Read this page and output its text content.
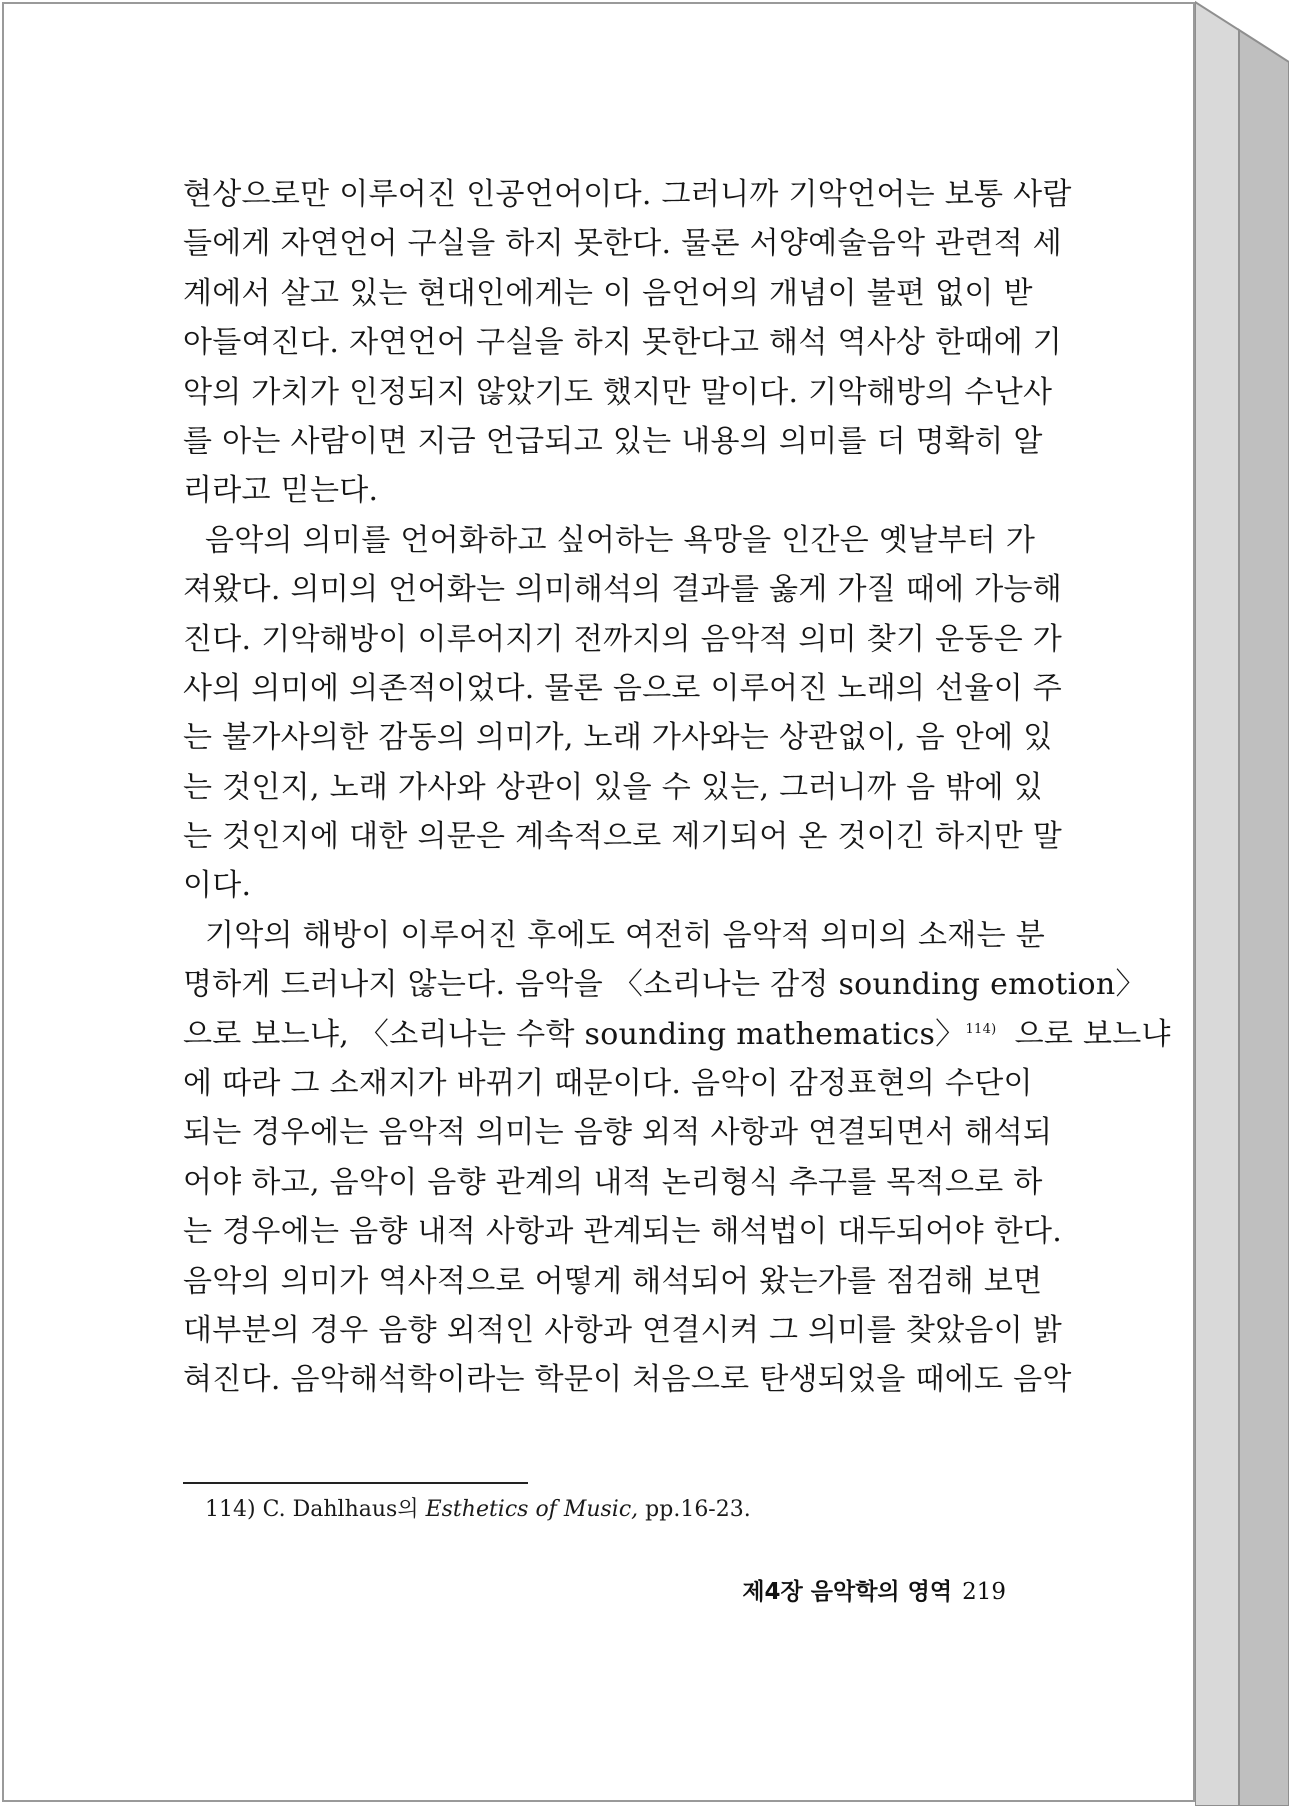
현상으로만 이루어진 인공언어이다. 그러니까 기악언어는 보통 사람
들에게 자연언어 구실을 하지 못한다. 물론 서양예술음악 관련적 세
계에서 살고 있는 현대인에게는 이 음언어의 개념이 불편 없이 받
아들여진다. 자연언어 구실을 하지 못한다고 해석 역사상 한때에 기
악의 가치가 인정되지 않았기도 했지만 말이다. 기악해방의 수난사
를 아는 사람이면 지금 언급되고 있는 내용의 의미를 더 명확히 알
리라고 믿는다.
음악의 의미를 언어화하고 싶어하는 욕망을 인간은 옛날부터 가
져왔다. 의미의 언어화는 의미해석의 결과를 옳게 가질 때에 가능해
진다. 기악해방이 이루어지기 전까지의 음악적 의미 찾기 운동은 가
사의 의미에 의존적이었다. 물론 음으로 이루어진 노래의 선율이 주
는 불가사의한 감동의 의미가, 노래 가사와는 상관없이, 음 안에 있
는 것인지, 노래 가사와 상관이 있을 수 있는, 그러니까 음 밖에 있
는 것인지에 대한 의문은 계속적으로 제기되어 온 것이긴 하지만 말
이다.
기악의 해방이 이루어진 후에도 여전히 음악적 의미의 소재는 분
명하게 드러나지 않는다. 음악을 〈소리나는 감정 sounding emotion〉
으로 보느냐, 〈소리나는 수학 sounding mathematics〉$^{114)}$ 으로 보느냐
에 따라 그 소재지가 바뀌기 때문이다. 음악이 감정표현의 수단이
되는 경우에는 음악적 의미는 음향 외적 사항과 연결되면서 해석되
어야 하고, 음악이 음향 관계의 내적 논리형식 추구를 목적으로 하
는 경우에는 음향 내적 사항과 관계되는 해석법이 대두되어야 한다.
음악의 의미가 역사적으로 어떻게 해석되어 왔는가를 점검해 보면
대부분의 경우 음향 외적인 사항과 연결시켜 그 의미를 찾았음이 밝
혀진다. 음악해석학이라는 학문이 처음으로 탄생되었을 때에도 음악
114) C. Dahlhaus의 Esthetics of Music, pp.16-23.
제4장 음악학의 영역 219
